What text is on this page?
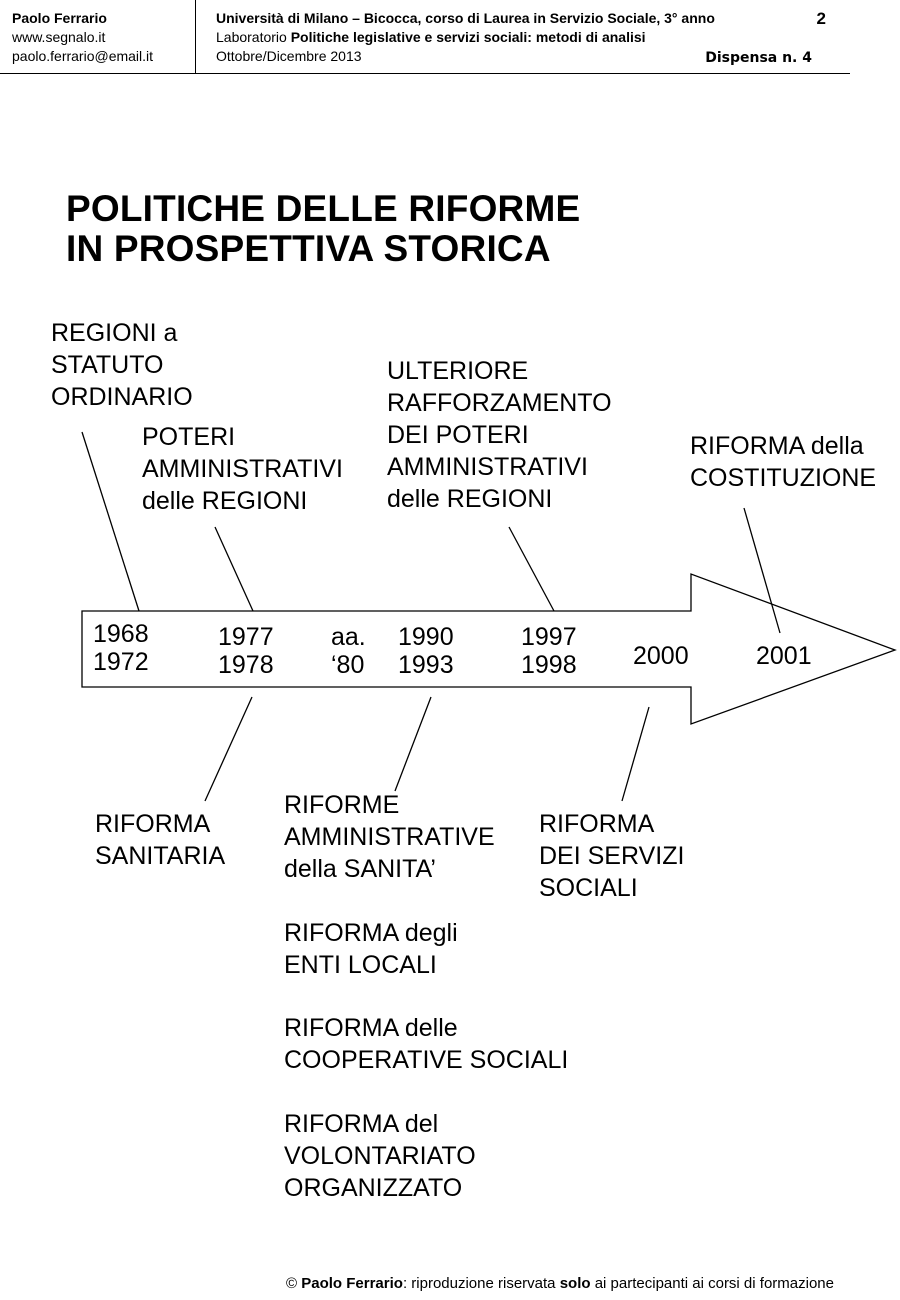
Paolo Ferrario
www.segnalo.it
paolo.ferrario@email.it
Università di Milano – Bicocca, corso di Laurea in Servizio Sociale, 3° anno
Laboratorio Politiche legislative e servizi sociali: metodi di analisi
Ottobre/Dicembre 2013
2
Dispensa n. 4
POLITICHE DELLE RIFORME
IN PROSPETTIVA STORICA
1968
1972
1977
1978
aa.
‘80
1990
1993
1997
1998 2000	2001
REGIONI a
STATUTO
ORDINARIO
POTERI
AMMINISTRATIVI
delle REGIONI
ULTERIORE
RAFFORZAMENTO
DEI POTERI
AMMINISTRATIVI
delle REGIONI
RIFORMA della
COSTITUZIONE
RIFORMA
SANITARIA
RIFORME
AMMINISTRATIVE
della SANITA’
RIFORMA
DEI SERVIZI
SOCIALI
RIFORMA degli
ENTI LOCALI
RIFORMA delle
COOPERATIVE SOCIALI
RIFORMA del
VOLONTARIATO
ORGANIZZATO
© Paolo Ferrario: riproduzione riservata solo ai partecipanti ai corsi di formazione
